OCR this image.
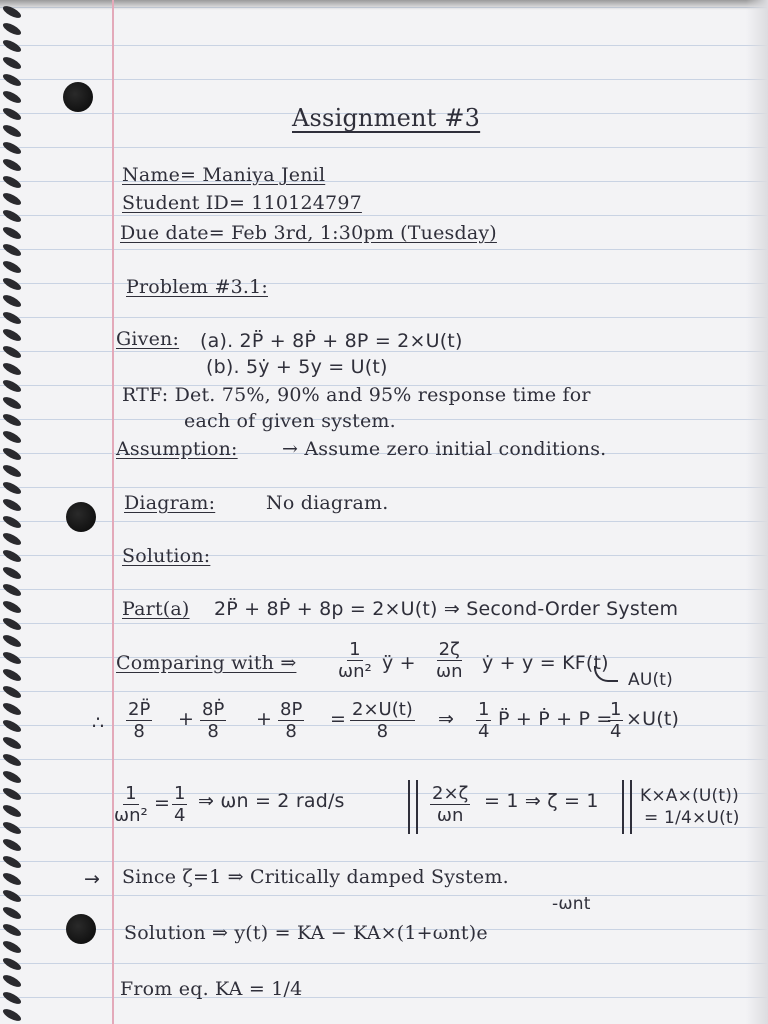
Assignment #3
Name= Maniya Jenil
Student ID= 110124797
Due date= Feb 3rd, 1:30pm (Tuesday)
Problem #3.1:
Given: (a). 2P̈ + 8Ṗ + 8P = 2×U(t)
(b). 5ẏ + 5y = U(t)
RTF: Det. 75%, 90% and 95% response time for
each of given system.
Assumption: → Assume zero initial conditions.
Diagram:	No diagram.
Solution:
Part(a) 2P̈ + 8Ṗ + 8p = 2×U(t) ⇒ Second-Order System
Comparing with ⇒ $\frac{1}{\text{ωn²}}$ ÿ + $\frac{2\zeta}{\omega n}$ ẏ + y = KF(t)
AU(t)
∴ $\frac{2P̈}{8} + \frac{\text{8Ṗ}}{8} + \frac{8P}{8} = \frac{2\times U(t)}{8}$ ⇒ $\frac{1}{4}$ P̈ + Ṗ + P =
$\frac{1}{4} \times U(t)$
$\frac{1}{\text{ωn²}} = \frac{1}{4}$ ⇒ ωn = 2 rad/s	$\frac{2\times\zeta}{\omega n} = 1$ ⇒ ζ = 1 K×A×(U(t))
= 1/4×U(t)
→ Since ζ=1 ⇒ Critically damped System.
-ωnt
Solution ⇒ y(t) = KA − KA×(1+ωnt)e
From eq. KA = 1/4
